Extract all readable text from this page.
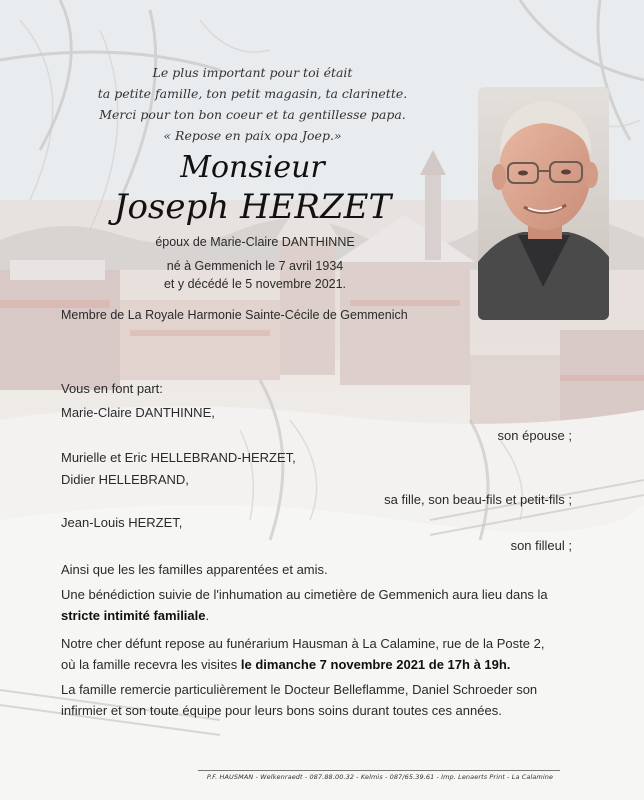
Le plus important pour toi était
ta petite famille, ton petit magasin, ta clarinette.
Merci pour ton bon coeur et ta gentillesse papa.
« Repose en paix opa Joep.»
Monsieur
Joseph HERZET
époux de Marie-Claire DANTHINNE
né à Gemmenich le 7 avril 1934
et y décédé le 5 novembre 2021.
Membre de La Royale Harmonie Sainte-Cécile de Gemmenich
Vous en font part:
Marie-Claire DANTHINNE,
son épouse ;
Murielle et Eric HELLEBRAND-HERZET,
Didier HELLEBRAND,
sa fille, son beau-fils et petit-fils ;
Jean-Louis HERZET,
son filleul ;
Ainsi que les les familles apparentées et amis.
Une bénédiction suivie de l'inhumation au cimetière de Gemmenich aura lieu dans la
stricte intimité familiale.
Notre cher défunt repose au funérarium Hausman à La Calamine, rue de la Poste 2,
où la famille recevra les visites le dimanche 7 novembre 2021 de 17h à 19h.
La famille remercie particulièrement le Docteur Belleflamme, Daniel Schroeder son
infirmier et son toute équipe pour leurs bons soins durant toutes ces années.
P.F. HAUSMAN - Welkenraedt - 087.88.00.32 - Kelmis - 087/65.39.61 - Imp. Lenaerts Print - La Calamine
